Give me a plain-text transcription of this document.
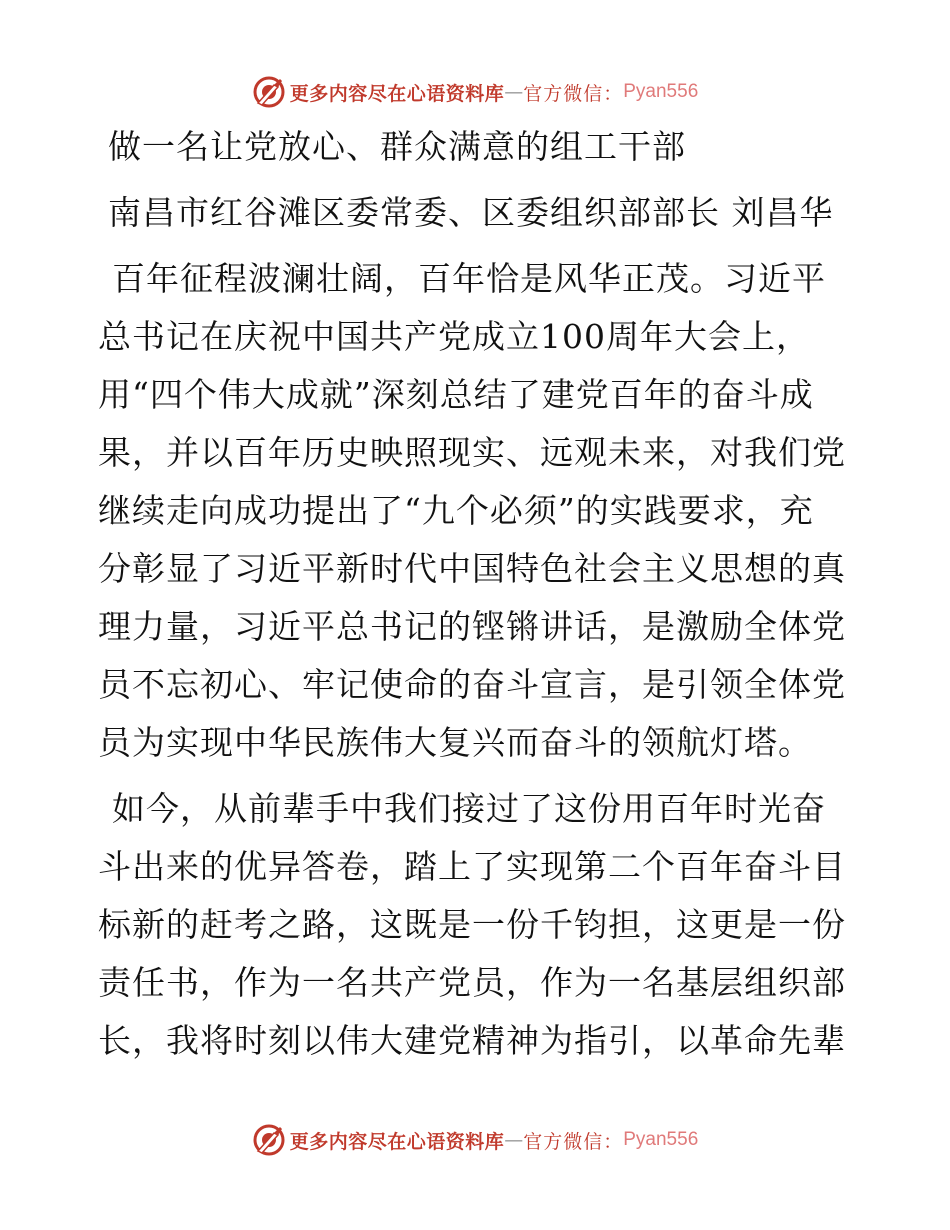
更多内容尽在心语资料库 — 官方微信： Pyan556
做一名让党放心、群众满意的组工干部
南昌市红谷滩区委常委、区委组织部部长 刘昌华
百年征程波澜壮阔，百年恰是风华正茂。习近平
总书记在庆祝中国共产党成立100周年大会上，
用“四个伟大成就”深刻总结了建党百年的奋斗成
果，并以百年历史映照现实、远观未来，对我们党
继续走向成功提出了“九个必须”的实践要求，充
分彰显了习近平新时代中国特色社会主义思想的真
理力量，习近平总书记的铿锵讲话，是激励全体党
员不忘初心、牢记使命的奋斗宣言，是引领全体党
员为实现中华民族伟大复兴而奋斗的领航灯塔。
如今，从前辈手中我们接过了这份用百年时光奋
斗出来的优异答卷，踏上了实现第二个百年奋斗目
标新的赶考之路，这既是一份千钧担，这更是一份
责任书，作为一名共产党员，作为一名基层组织部
长，我将时刻以伟大建党精神为指引，以革命先辈
更多内容尽在心语资料库 — 官方微信： Pyan556
